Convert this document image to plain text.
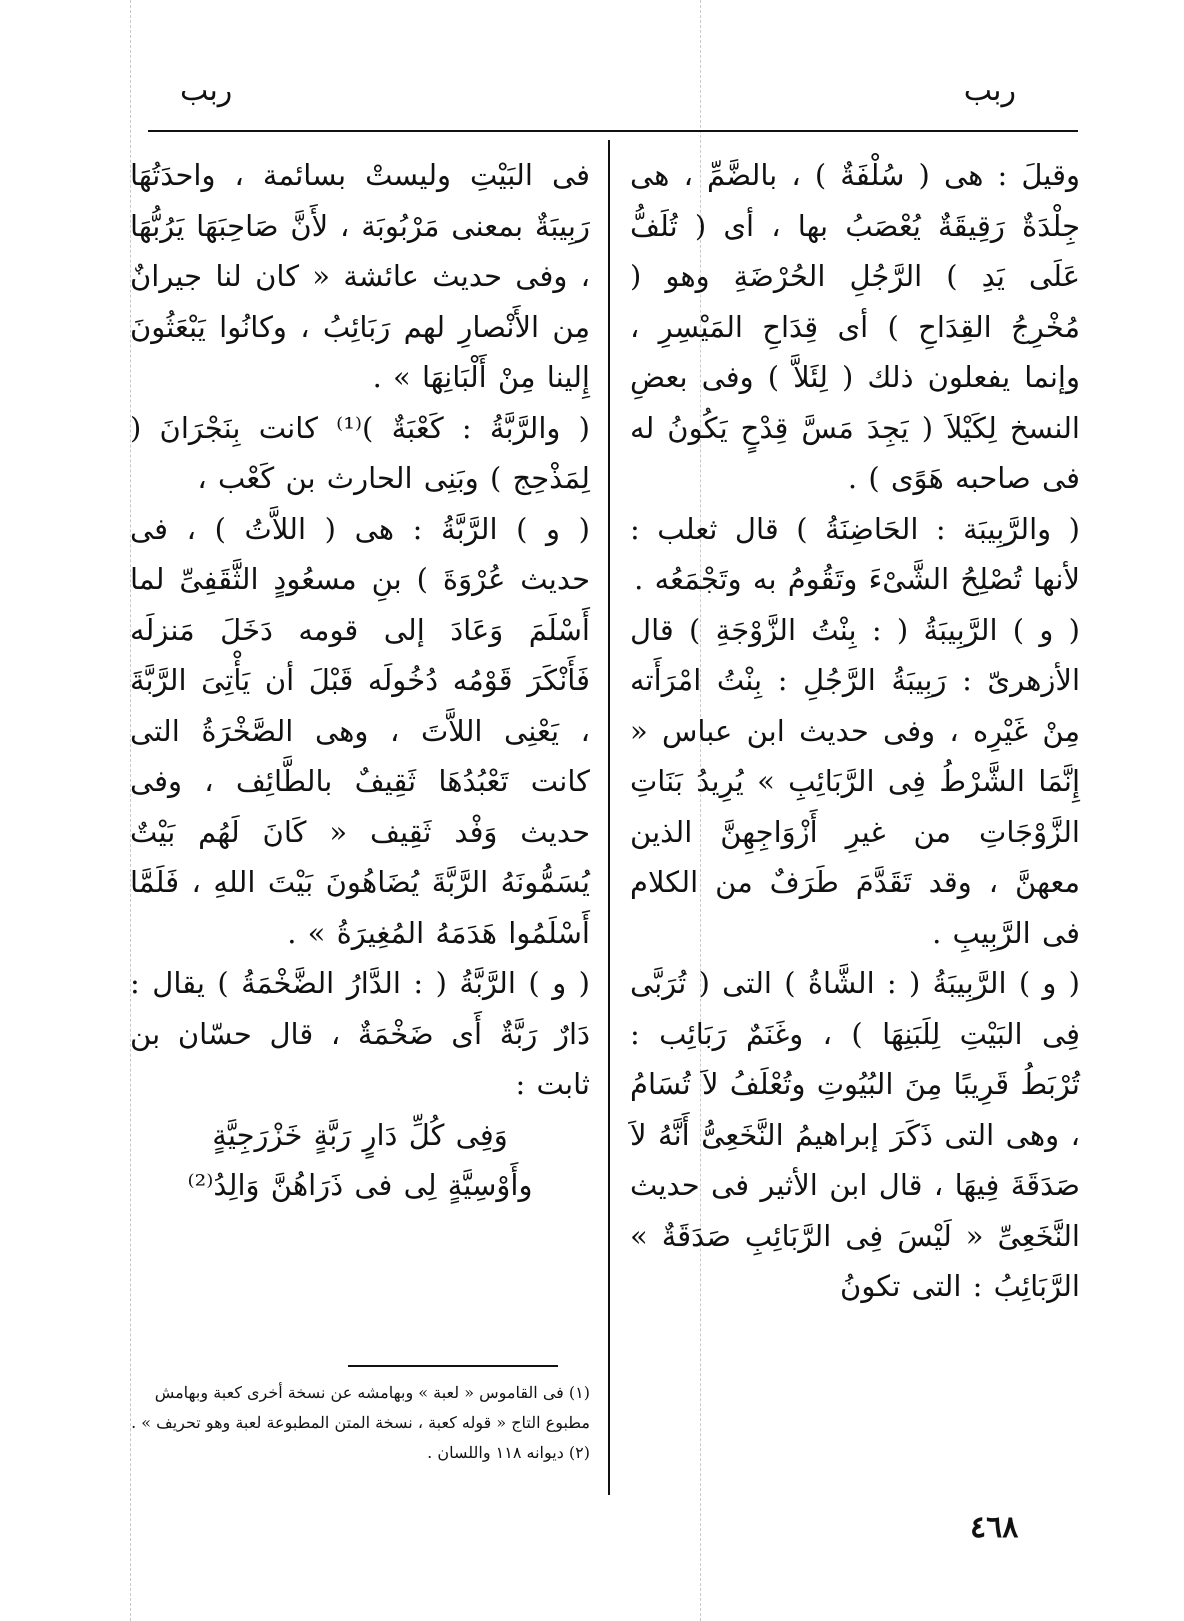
ربب
ربب

وقيلَ : هى ( سُلْفَةٌ ) ، بالضَّمِّ ، هى جِلْدَةٌ رَقِيقَةٌ يُعْصَبُ بها ، أى ( تُلَفُّ عَلَى يَدِ ) الرَّجُلِ الحُرْضَةِ وهو ( مُخْرِجُ القِدَاحِ ) أى قِدَاحِ المَيْسِرِ ، وإنما يفعلون ذلك ( لِئَلاَّ ) وفى بعضِ النسخ لِكَيْلاَ ( يَجِدَ مَسَّ قِدْحٍ يَكُونُ له فى صاحبه هَوًى ) .

( والرَّبِيبَة : الحَاضِنَةُ ) قال ثعلب : لأنها تُصْلِحُ الشَّىْءَ وتَقُومُ به وتَجْمَعُه .

( و ) الرَّبِيبَةُ ( : بِنْتُ الزَّوْجَةِ ) قال الأزهرىّ : رَبِيبَةُ الرَّجُلِ : بِنْتُ امْرَأَته مِنْ غَيْرِه ، وفى حديث ابن عباس « إِنَّمَا الشَّرْطُ فِى الرَّبَائِبِ » يُرِيدُ بَنَاتِ الزَّوْجَاتِ من غيرِ أَزْوَاجِهِنَّ الذين معهنَّ ، وقد تَقَدَّمَ طَرَفٌ من الكلام فى الرَّبِيبِ .

( و ) الرَّبِيبَةُ ( : الشَّاةُ ) التى ( تُرَبَّى فِى البَيْتِ لِلَبَنِهَا ) ، وغَنَمٌ رَبَائِب : تُرْبَطُ قَرِيبًا مِنَ البُيُوتِ وتُعْلَفُ لاَ تُسَامُ ، وهى التى ذَكَرَ إبراهيمُ النَّخَعِىُّ أَنَّهُ لاَ صَدَقَةَ فِيهَا ، قال ابن الأثير فى حديث النَّخَعِىِّ « لَيْسَ فِى الرَّبَائِبِ صَدَقَةٌ » الرَّبَائِبُ : التى تكونُ

فى البَيْتِ وليستْ بسائمة ، واحدَتُهَا رَبِيبَةٌ بمعنى مَرْبُوبَة ، لأَنَّ صَاحِبَهَا يَرُبُّهَا ، وفى حديث عائشة « كان لنا جيرانٌ مِن الأَنْصارِ لهم رَبَائِبُ ، وكانُوا يَبْعَثُونَ إِلينا مِنْ أَلْبَانِهَا » .

( والرَّبَّةُ : كَعْبَةٌ )⁽¹⁾ كانت بِنَجْرَانَ ( لِمَذْحِج ) وبَنِى الحارث بن كَعْب ،

( و ) الرَّبَّةُ : هى ( اللاَّتُ ) ، فى حديث عُرْوَةَ ) بنِ مسعُودٍ الثَّقَفِىِّ لما أَسْلَمَ وَعَادَ إلى قومه دَخَلَ مَنزلَه فَأَنْكَرَ قَوْمُه دُخُولَه قَبْلَ أن يَأْتِىَ الرَّبَّةَ ، يَعْنِى اللاَّتَ ، وهى الصَّخْرَةُ التى كانت تَعْبُدُهَا ثَقِيفٌ بالطَّائِف ، وفى حديث وَفْد ثَقِيف « كَانَ لَهُم بَيْتٌ يُسَمُّونَهُ الرَّبَّةَ يُضَاهُونَ بَيْتَ اللهِ ، فَلَمَّا أَسْلَمُوا هَدَمَهُ المُغِيرَةُ » .

( و ) الرَّبَّةُ ( : الدَّارُ الضَّخْمَةُ ) يقال : دَارٌ رَبَّةٌ أَى ضَخْمَةٌ ، قال حسّان بن ثابت :

وَفِى كُلِّ دَارٍ رَبَّةٍ خَزْرَجِيَّةٍ

وأَوْسِيَّةٍ لِى فى ذَرَاهُنَّ وَالِدُ⁽²⁾

(١) فى القاموس « لعبة » وبهامشه عن نسخة أخرى كعبة وبهامش مطبوع التاج « قوله كعبة ، نسخة المتن المطبوعة لعبة وهو تحريف » .

(٢) ديوانه ١١٨ واللسان .

٤٦٨
